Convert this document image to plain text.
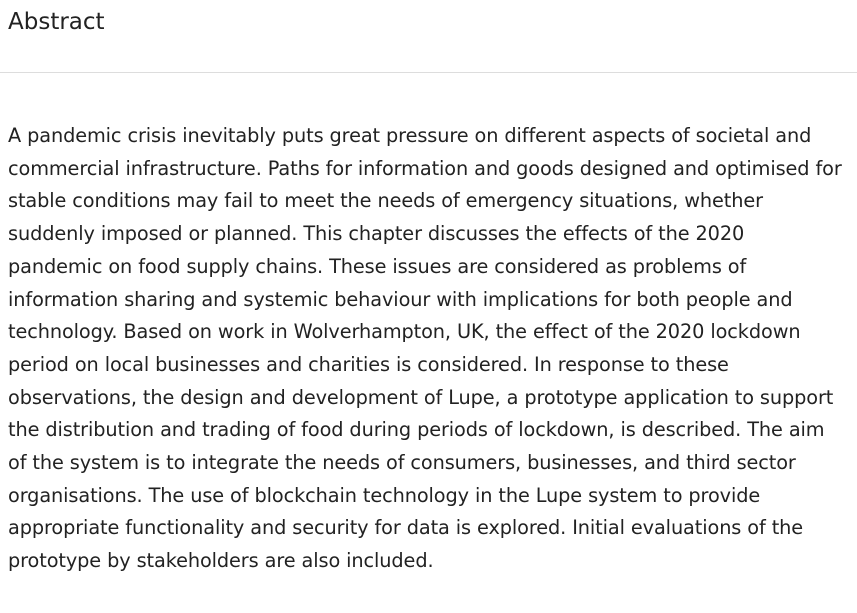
Abstract

A pandemic crisis inevitably puts great pressure on different aspects of societal and commercial infrastructure. Paths for information and goods designed and optimised for stable conditions may fail to meet the needs of emergency situations, whether suddenly imposed or planned. This chapter discusses the effects of the 2020 pandemic on food supply chains. These issues are considered as problems of information sharing and systemic behaviour with implications for both people and technology. Based on work in Wolverhampton, UK, the effect of the 2020 lockdown period on local businesses and charities is considered. In response to these observations, the design and development of Lupe, a prototype application to support the distribution and trading of food during periods of lockdown, is described. The aim of the system is to integrate the needs of consumers, businesses, and third sector organisations. The use of blockchain technology in the Lupe system to provide appropriate functionality and security for data is explored. Initial evaluations of the prototype by stakeholders are also included.
